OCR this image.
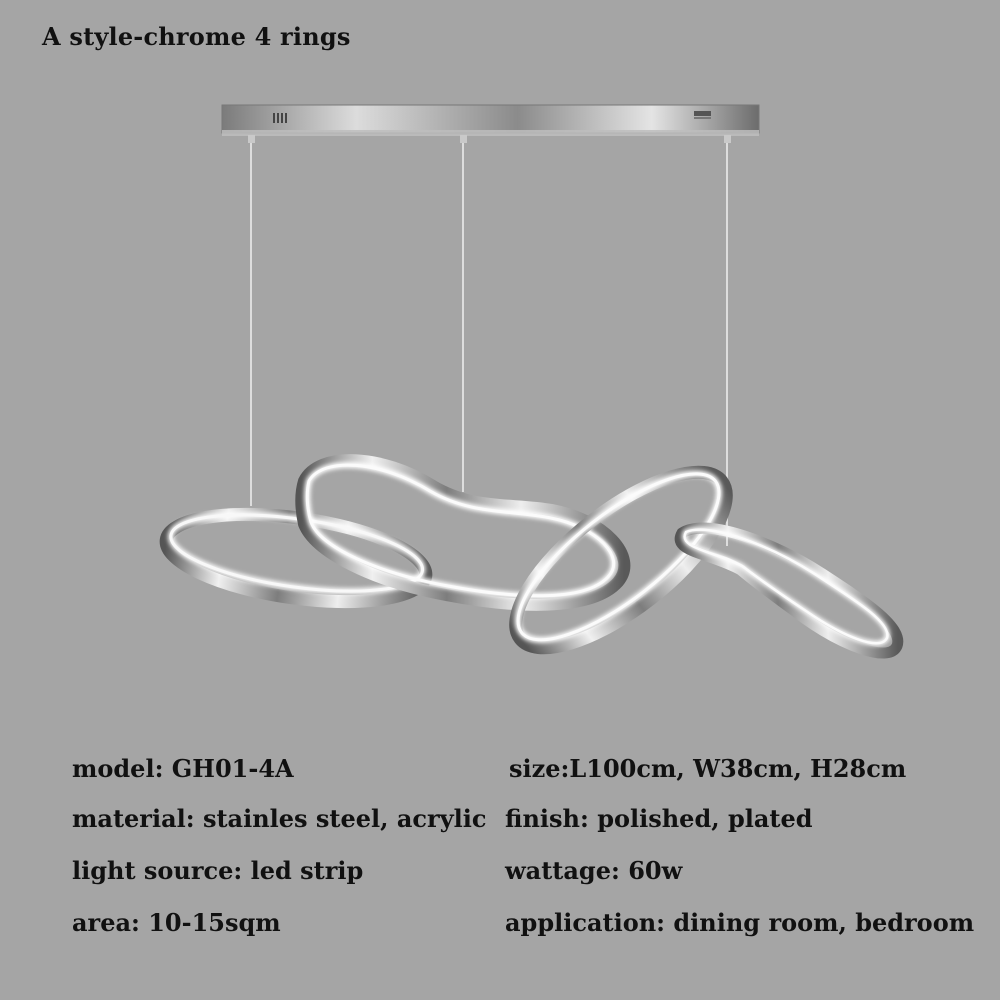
A style-chrome 4 rings
model: GH01-4A	size:L100cm, W38cm, H28cm
material: stainles steel, acrylic finish: polished, plated
light source: led strip	wattage: 60w
area: 10-15sqm	application: dining room, bedroom
